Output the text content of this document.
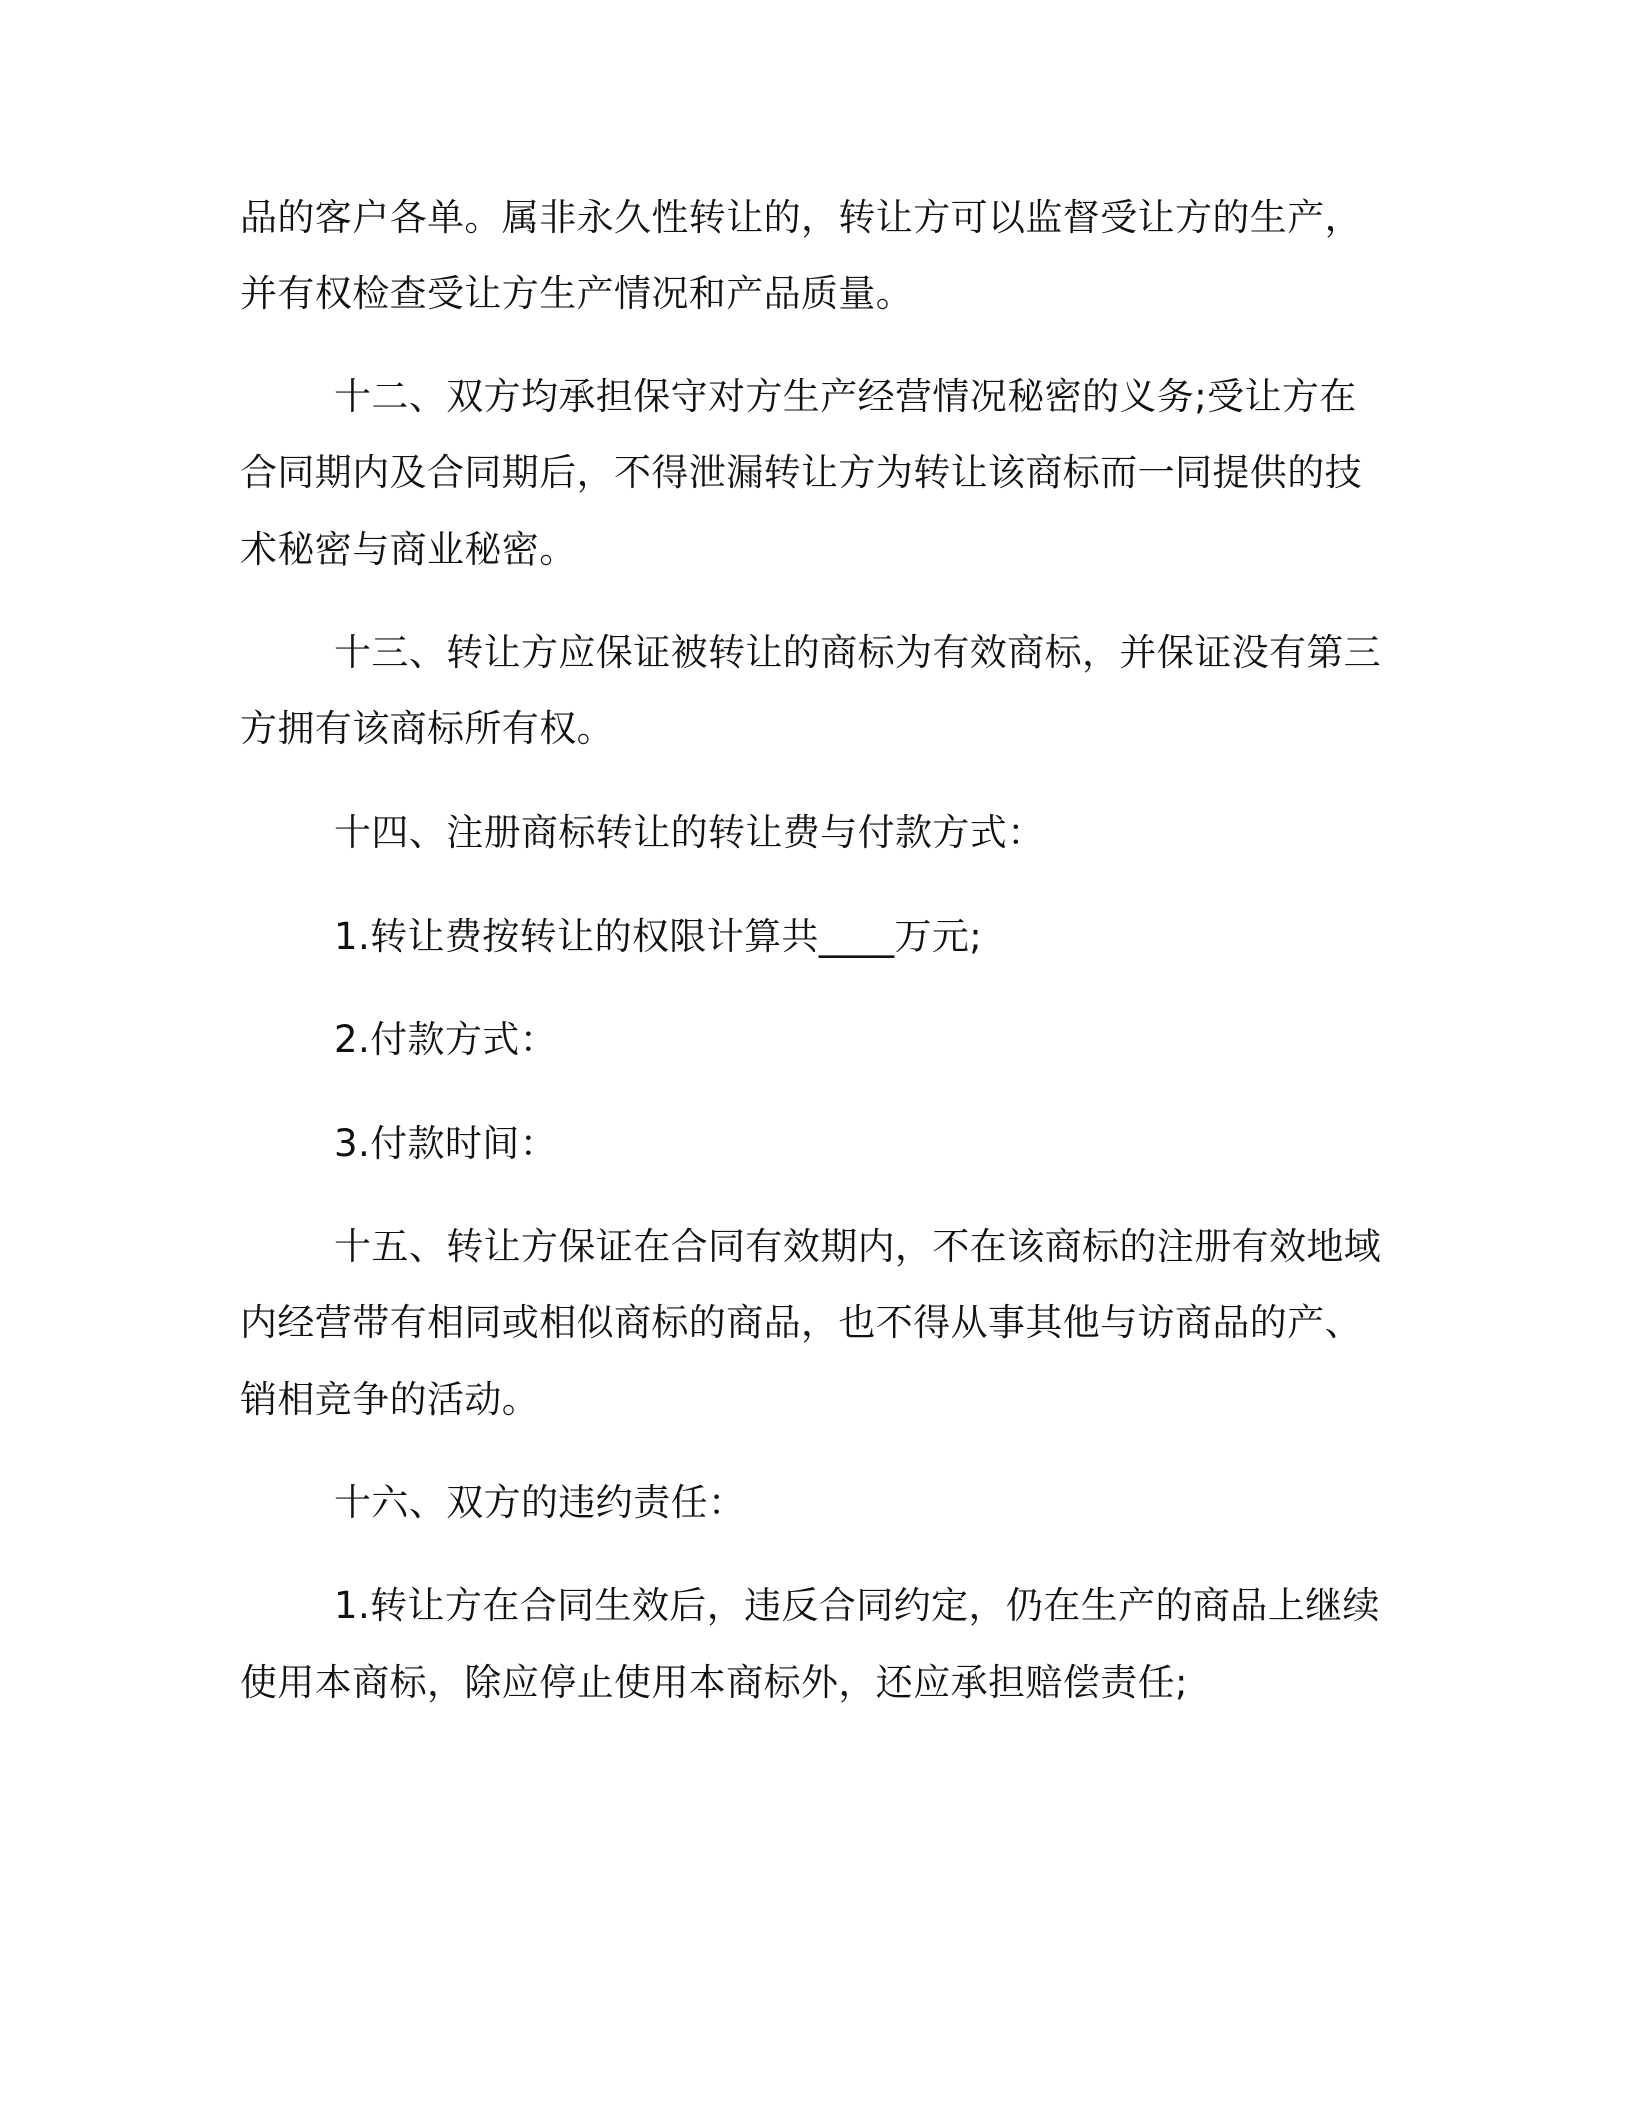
品的客户各单。属非永久性转让的，转让方可以监督受让方的生产，
并有权检查受让方生产情况和产品质量。
十二、双方均承担保守对方生产经营情况秘密的义务;受让方在
合同期内及合同期后，不得泄漏转让方为转让该商标而一同提供的技
术秘密与商业秘密。
十三、转让方应保证被转让的商标为有效商标，并保证没有第三
方拥有该商标所有权。
十四、注册商标转让的转让费与付款方式：
1.转让费按转让的权限计算共____万元;
2.付款方式：
3.付款时间：
十五、转让方保证在合同有效期内，不在该商标的注册有效地域
内经营带有相同或相似商标的商品，也不得从事其他与访商品的产、
销相竞争的活动。
十六、双方的违约责任：
1.转让方在合同生效后，违反合同约定，仍在生产的商品上继续
使用本商标，除应停止使用本商标外，还应承担赔偿责任;
